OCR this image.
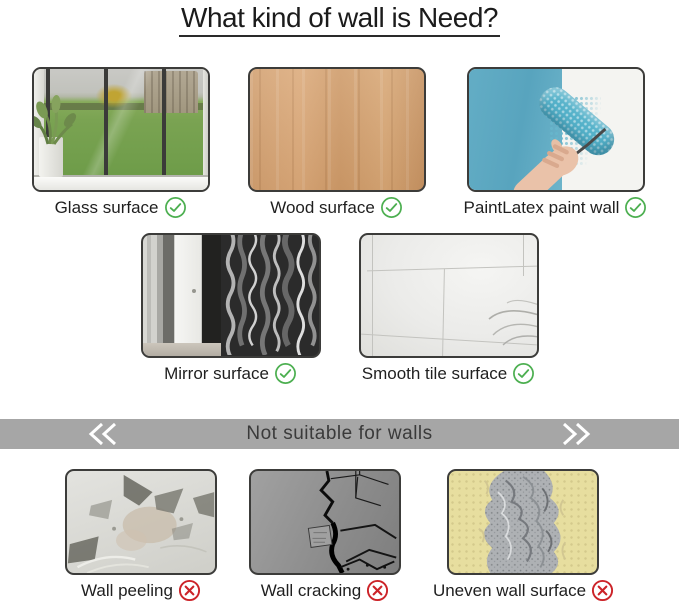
What kind of wall is Need?
Glass surface	Wood surface	PaintLatex paint wall
Mirror surface	Smooth tile surface
Not suitable for walls
Wall peeling	Wall cracking	Uneven wall surface
